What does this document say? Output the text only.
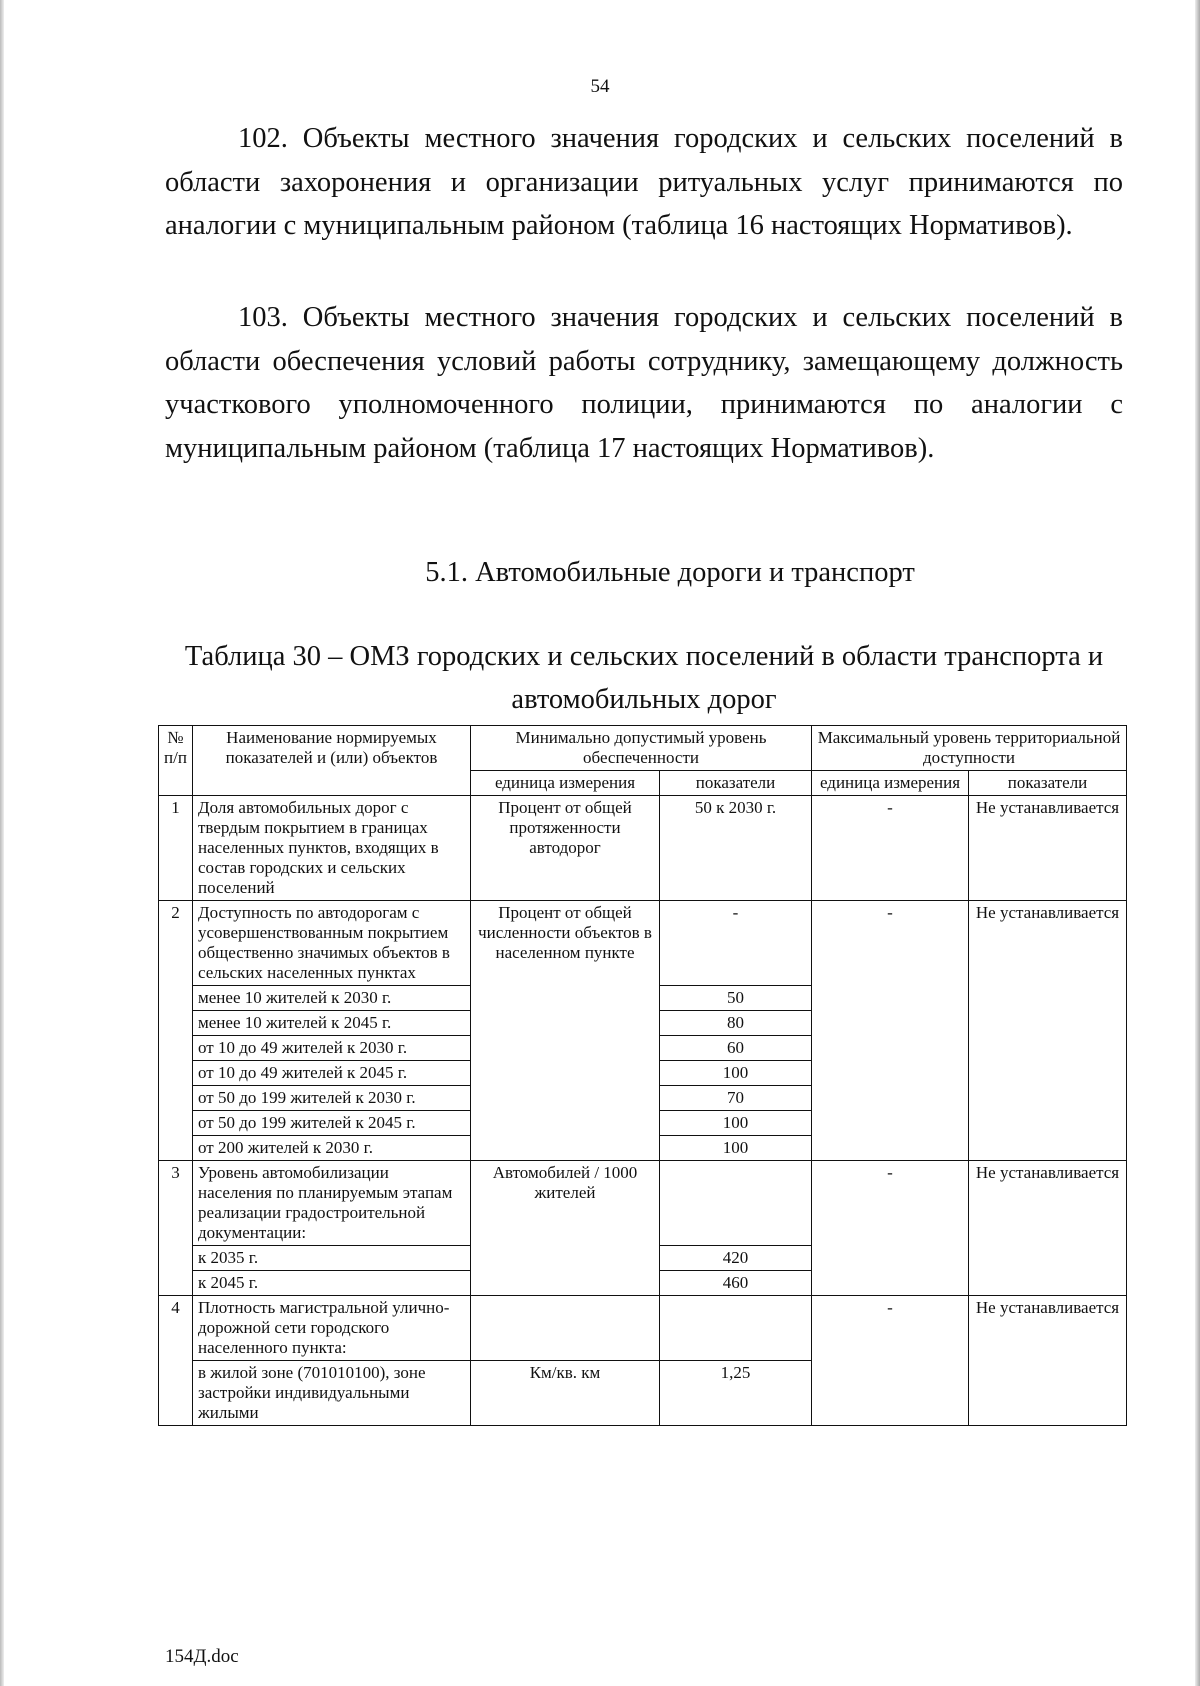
54

102. Объекты местного значения городских и сельских поселений в области захоронения и организации ритуальных услуг принимаются по аналогии с муниципальным районом (таблица 16 настоящих Нормативов).

103. Объекты местного значения городских и сельских поселений в области обеспечения условий работы сотруднику, замещающему должность участкового уполномоченного полиции, принимаются по аналогии с муниципальным районом (таблица 17 настоящих Нормативов).

5.1. Автомобильные дороги и транспорт

Таблица 30 – ОМЗ городских и сельских поселений в области транспорта и автомобильных дорог

№ п/п	Наименование нормируемых показателей и (или) объектов	Минимально допустимый уровень обеспеченности		Максимальный уровень территориальной доступности	
		единица измерения	показатели	единица измерения	показатели
1	Доля автомобильных дорог с твердым покрытием в границах населенных пунктов, входящих в состав городских и сельских поселений	Процент от общей протяженности автодорог	50 к 2030 г.	-	Не устанавливается
2	Доступность по автодорогам с усовершенствованным покрытием общественно значимых объектов в сельских населенных пунктах	Процент от общей численности объектов в населенном пункте	-	-	Не устанавливается
	менее 10 жителей к 2030 г.		50		
	менее 10 жителей к 2045 г.		80		
	от 10 до 49 жителей к 2030 г.		60		
	от 10 до 49 жителей к 2045 г.		100		
	от 50 до 199 жителей к 2030 г.		70		
	от 50 до 199 жителей к 2045 г.		100		
	от 200 жителей к 2030 г.		100		
3	Уровень автомобилизации населения по планируемым этапам реализации градостроительной документации:	Автомобилей / 1000 жителей		-	Не устанавливается
	к 2035 г.		420		
	к 2045 г.		460		
4	Плотность магистральной улично-дорожной сети городского населенного пункта:			-	Не устанавливается
	в жилой зоне (701010100), зоне застройки индивидуальными жилыми	Км/кв. км	1,25		
154Д.doc
